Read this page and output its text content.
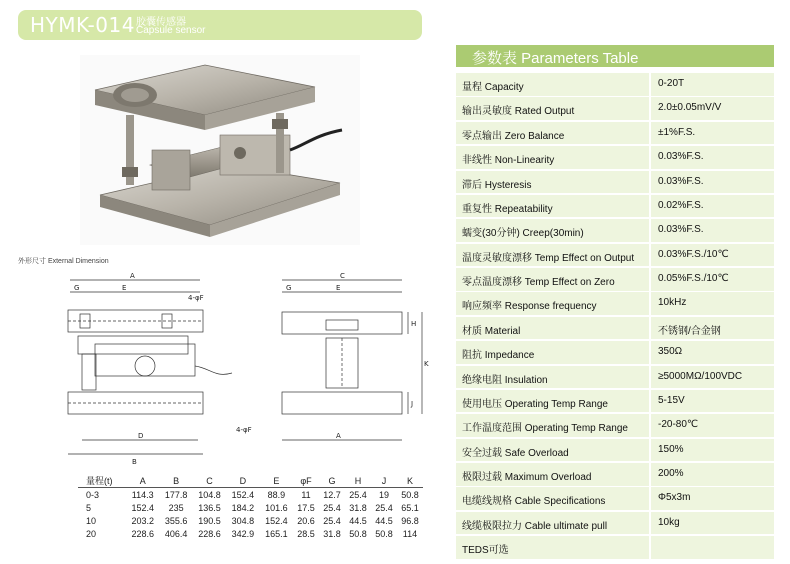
HYMK-014 胶囊传感器
Capsule sensor
外形尺寸 External Dimension
A
G	E
4-φF
4-φF
D
B
C
G	E
H
K
J
A
量程(t)	A	B	C	D	E	φF	G	H	J	K
0-3	114.3	177.8	104.8	152.4	88.9	11	12.7	25.4	19	50.8
5	152.4	235	136.5	184.2	101.6	17.5	25.4	31.8	25.4	65.1
10	203.2	355.6	190.5	304.8	152.4	20.6	25.4	44.5	44.5	96.8
20	228.6	406.4	228.6	342.9	165.1	28.5	31.8	50.8	50.8	114
参数表 Parameters Table
量程 Capacity	0-20T
输出灵敏度 Rated Output	2.0±0.05mV/V
零点输出 Zero Balance	±1%F.S.
非线性 Non-Linearity	0.03%F.S.
滞后 Hysteresis	0.03%F.S.
重复性 Repeatability	0.02%F.S.
蠕变(30分钟) Creep(30min)	0.03%F.S.
温度灵敏度漂移 Temp Effect on Output 0.03%F.S./10℃
零点温度漂移 Temp Effect on Zero	0.05%F.S./10℃
响应频率 Response frequency	10kHz
材质 Material	不锈钢/合金钢
阻抗 Impedance	350Ω
绝缘电阻 Insulation	≥5000MΩ/100VDC
使用电压 Operating Temp Range	5-15V
工作温度范围 Operating Temp Range	-20-80℃
安全过载 Safe Overload	150%
极限过载 Maximum Overload	200%
电缆线规格 Cable Specifications	Φ5x3m
线缆极限拉力 Cable ultimate pull	10kg
TEDS可选
